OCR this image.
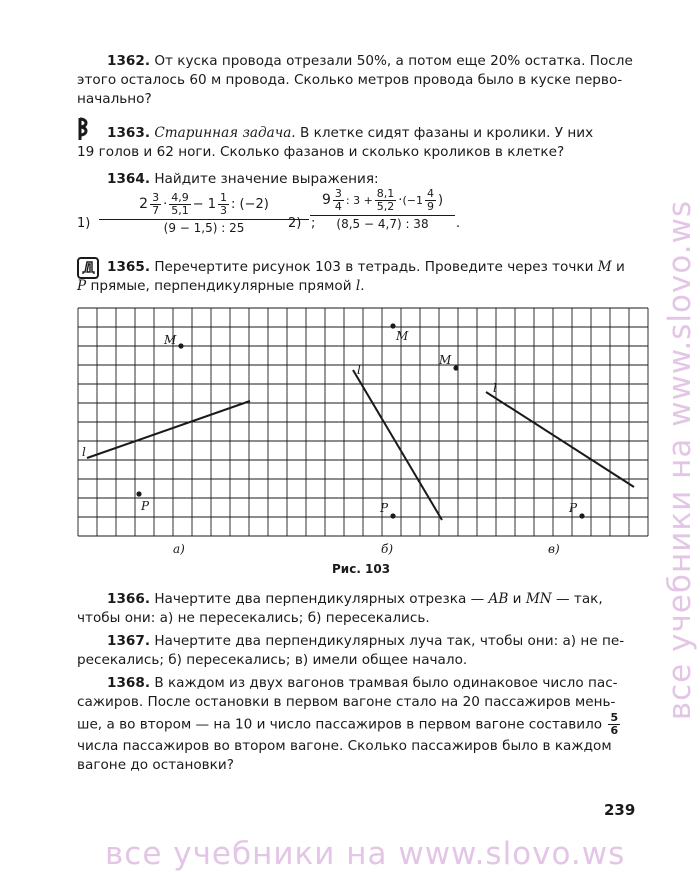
1362. От куска провода отрезали 50%, а потом еще 20% остатка. После
этого осталось 60 м провода. Сколько метров провода было в куске перво-
начально?
1363. Старинная задача. В клетке сидят фазаны и кролики. У них
19 голов и 62 ноги. Сколько фазанов и сколько кроликов в клетке?
1364. Найдите значение выражения:
1)
$2 \frac{3}{7} \cdot \frac{4,9}{5,1} - 1 \frac{1}{3}$ : (−2)
(9 − 1,5) : 25	;
2)
$9 \frac{3}{4}$ : $3 + \frac{8,1}{5,2} \cdot(-1 \frac{4}{9}$ )
(8,5 − 4,7) : 38	.
1365. Перечертите рисунок 103 в тетрадь. Проведите через точки M и
P прямые, перпендикулярные прямой l.
M
P
l
M
P
l
M
P
l
а)	б)	в)
Рис. 103
1366. Начертите два перпендикулярных отрезка — AB и MN — так,
чтобы они: а) не пересекались; б) пересекались.
1367. Начертите два перпендикулярных луча так, чтобы они: а) не пе-
ресекались; б) пересекались; в) имели общее начало.
1368. В каждом из двух вагонов трамвая было одинаковое число пас-
сажиров. После остановки в первом вагоне стало на 20 пассажиров мень-
ше, а во втором — на 10 и число пассажиров в первом вагоне составило $\frac{5}{6}$
числа пассажиров во втором вагоне. Сколько пассажиров было в каждом
вагоне до остановки?
239
все учебники на www.slovo.ws
все учебники на www.slovo.ws
